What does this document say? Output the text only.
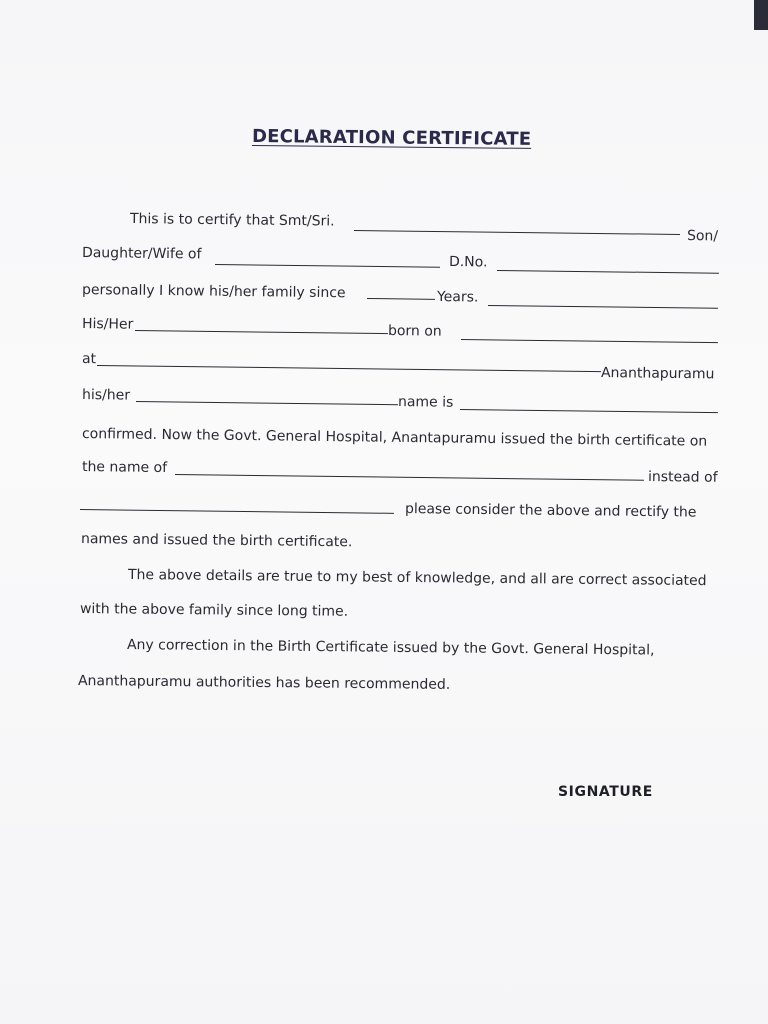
DECLARATION CERTIFICATE
This is to certify that Smt/Sri.
Son/
Daughter/Wife of	D.No.
personally I know his/her family since	Years.
His/Her	born on
at
Ananthapuramu
his/her	name is
confirmed. Now the Govt. General Hospital, Anantapuramu issued the birth certificate on
the name of
instead of
please consider the above and rectify the
names and issued the birth certificate.
The above details are true to my best of knowledge, and all are correct associated
with the above family since long time.
Any correction in the Birth Certificate issued by the Govt. General Hospital,
Ananthapuramu authorities has been recommended.
SIGNATURE
